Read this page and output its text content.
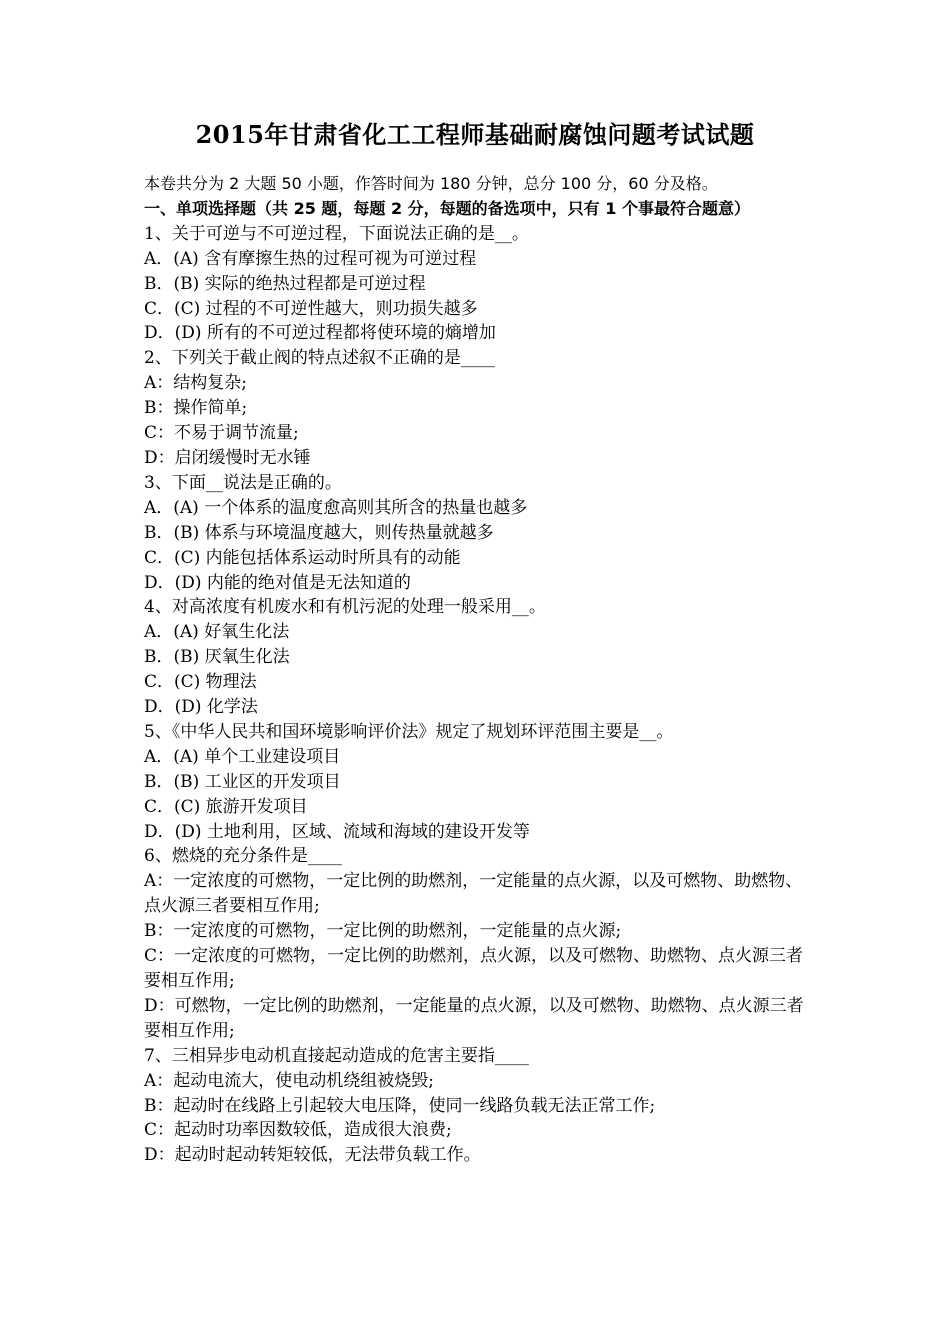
2015年甘肃省化工工程师基础耐腐蚀问题考试试题
本卷共分为 2 大题 50 小题，作答时间为 180 分钟，总分 100 分，60 分及格。
一、单项选择题（共 25 题，每题 2 分，每题的备选项中，只有 1 个事最符合题意）
1、关于可逆与不可逆过程，下面说法正确的是__。
A．(A) 含有摩擦生热的过程可视为可逆过程
B．(B) 实际的绝热过程都是可逆过程
C．(C) 过程的不可逆性越大，则功损失越多
D．(D) 所有的不可逆过程都将使环境的熵增加
2、下列关于截止阀的特点述叙不正确的是____
A：结构复杂;
B：操作简单;
C：不易于调节流量;
D：启闭缓慢时无水锤
3、下面__说法是正确的。
A．(A) 一个体系的温度愈高则其所含的热量也越多
B．(B) 体系与环境温度越大，则传热量就越多
C．(C) 内能包括体系运动时所具有的动能
D．(D) 内能的绝对值是无法知道的
4、对高浓度有机废水和有机污泥的处理一般采用__。
A．(A) 好氧生化法
B．(B) 厌氧生化法
C．(C) 物理法
D．(D) 化学法
5、《中华人民共和国环境影响评价法》规定了规划环评范围主要是__。
A．(A) 单个工业建设项目
B．(B) 工业区的开发项目
C．(C) 旅游开发项目
D．(D) 土地利用，区域、流域和海域的建设开发等
6、燃烧的充分条件是____
A：一定浓度的可燃物，一定比例的助燃剂，一定能量的点火源，以及可燃物、助燃物、点火源三者要相互作用;
B：一定浓度的可燃物，一定比例的助燃剂，一定能量的点火源;
C：一定浓度的可燃物，一定比例的助燃剂，点火源，以及可燃物、助燃物、点火源三者要相互作用;
D：可燃物，一定比例的助燃剂，一定能量的点火源，以及可燃物、助燃物、点火源三者要相互作用;
7、三相异步电动机直接起动造成的危害主要指____
A：起动电流大，使电动机绕组被烧毁;
B：起动时在线路上引起较大电压降，使同一线路负载无法正常工作;
C：起动时功率因数较低，造成很大浪费;
D：起动时起动转矩较低，无法带负载工作。
